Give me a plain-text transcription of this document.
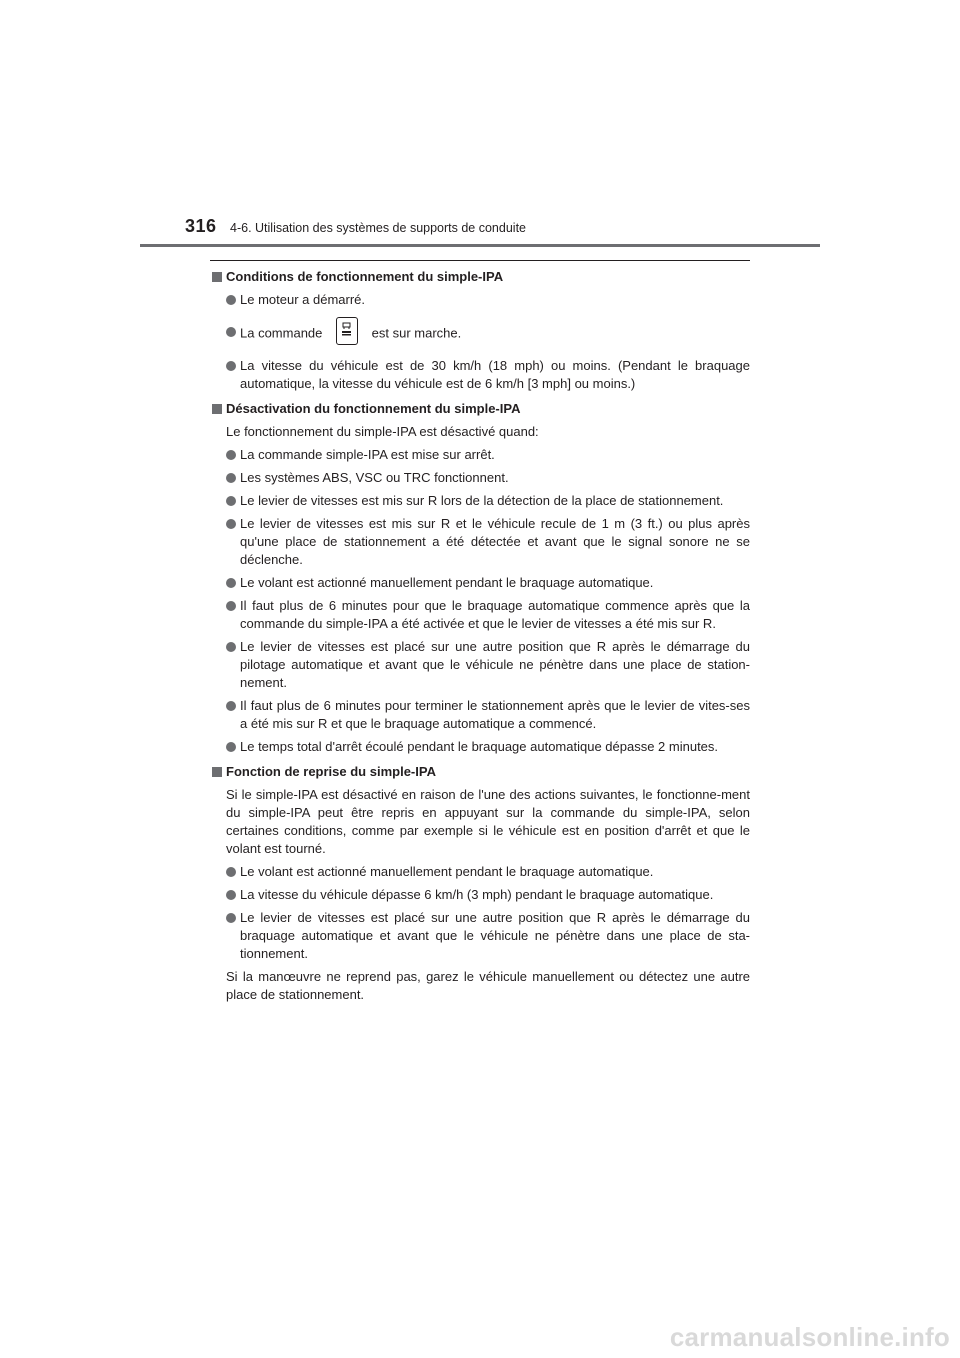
316 4-6. Utilisation des systèmes de supports de conduite
Conditions de fonctionnement du simple-IPA
Le moteur a démarré.
La commande	est sur marche.
La vitesse du véhicule est de 30 km/h (18 mph) ou moins. (Pendant le braquage automatique, la vitesse du véhicule est de 6 km/h [3 mph] ou moins.)
Désactivation du fonctionnement du simple-IPA
Le fonctionnement du simple-IPA est désactivé quand:
La commande simple-IPA est mise sur arrêt.
Les systèmes ABS, VSC ou TRC fonctionnent.
Le levier de vitesses est mis sur R lors de la détection de la place de stationnement.
Le levier de vitesses est mis sur R et le véhicule recule de 1 m (3 ft.) ou plus après qu'une place de stationnement a été détectée et avant que le signal sonore ne se déclenche.
Le volant est actionné manuellement pendant le braquage automatique.
Il faut plus de 6 minutes pour que le braquage automatique commence après que la commande du simple-IPA a été activée et que le levier de vitesses a été mis sur R.
Le levier de vitesses est placé sur une autre position que R après le démarrage du pilotage automatique et avant que le véhicule ne pénètre dans une place de station-nement.
Il faut plus de 6 minutes pour terminer le stationnement après que le levier de vites-ses a été mis sur R et que le braquage automatique a commencé.
Le temps total d'arrêt écoulé pendant le braquage automatique dépasse 2 minutes.
Fonction de reprise du simple-IPA
Si le simple-IPA est désactivé en raison de l'une des actions suivantes, le fonctionne-ment du simple-IPA peut être repris en appuyant sur la commande du simple-IPA, selon certaines conditions, comme par exemple si le véhicule est en position d'arrêt et que le volant est tourné.
Le volant est actionné manuellement pendant le braquage automatique.
La vitesse du véhicule dépasse 6 km/h (3 mph) pendant le braquage automatique.
Le levier de vitesses est placé sur une autre position que R après le démarrage du braquage automatique et avant que le véhicule ne pénètre dans une place de sta-tionnement.
Si la manœuvre ne reprend pas, garez le véhicule manuellement ou détectez une autre place de stationnement.
carmanualsonline.info
